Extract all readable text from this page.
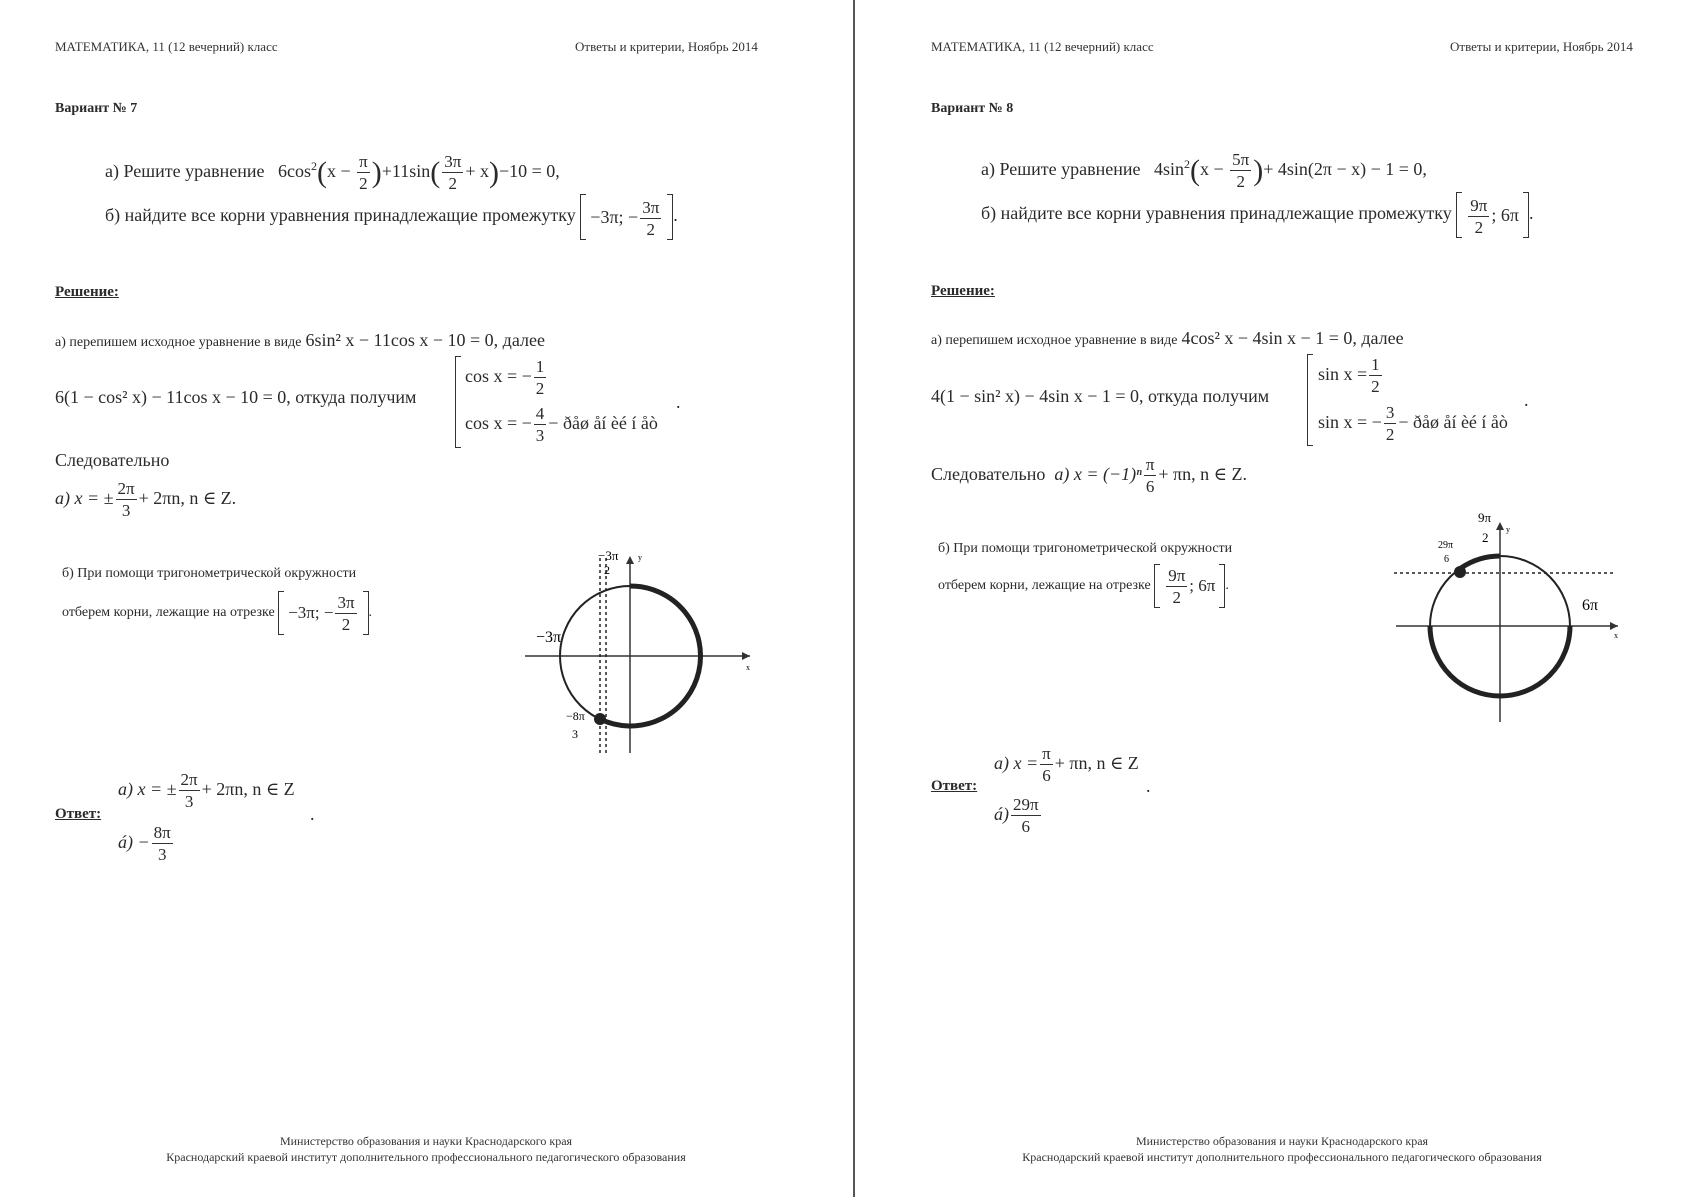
МАТЕМАТИКА, 11 (12 вечерний) класс	Ответы и критерии, Ноябрь 2014
Вариант № 7
а) Решите уравнение $6\cos^2(x - \frac{\pi}{2} )+11\sin( \frac{3\pi}{2} + x)-10 = 0$,
б) найдите все корни уравнения принадлежащие промежутку −3π; − $\frac{3\pi}{2}$ .
Решение:
а) перепишем исходное уравнение в виде 6sin² x − 11cos x − 10 = 0, далее
6(1 − cos² x) − 11cos x − 10 = 0, откуда получим
cos x = − $\frac{1}{2}$
cos x = − $\frac{4}{3}$ − ðåø åí èé í åò
.
Следовательно
a) x = ± $\frac{2\pi}{3} + 2\pi n$, n ∈ Z.
б) При помощи тригонометрической окружности
отберем корни, лежащие на отрезке −3π; − $\frac{3\pi}{2}$ .
−3π
−3π
2
−8π
3
y
x
a) x = ± $\frac{2\pi}{3} + 2\pi n$, n ∈ Z
Ответ:	.
á) − $\frac{8\pi}{3}$
Министерство образования и науки Краснодарского края
Краснодарский краевой институт дополнительного профессионального педагогического образования
МАТЕМАТИКА, 11 (12 вечерний) класс	Ответы и критерии, Ноябрь 2014
Вариант № 8
а) Решите уравнение $4\sin^2(x - \frac{5\pi}{2}$ )+ 4sin(2π − x) − 1 = 0,
б) найдите все корни уравнения принадлежащие промежутку $\frac{9\pi}{2}$ ; 6π .
Решение:
а) перепишем исходное уравнение в виде 4cos² x − 4sin x − 1 = 0, далее
4(1 − sin² x) − 4sin x − 1 = 0, откуда получим
$\sin x = \frac{1}{2}$
sin x = − $\frac{3}{2}$ − ðåø åí èé í åò
.
Следовательно a) $x = (-1)^n \frac{\pi}{6} + \pi n$, n ∈ Z.
б) При помощи тригонометрической окружности
отберем корни, лежащие на отрезке $\frac{9\pi}{2}$ ; 6π .
9π
2
29π
6
6π
y
x
a) $x = \frac{\pi}{6} + \pi n$, n ∈ Z
Ответ:	.
á) $\frac{29\pi}{6}$
Министерство образования и науки Краснодарского края
Краснодарский краевой институт дополнительного профессионального педагогического образования
